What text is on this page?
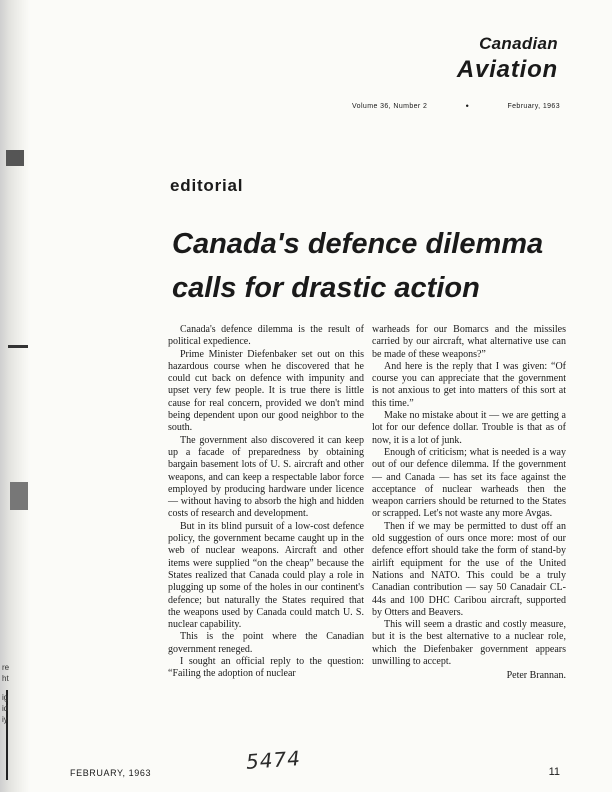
re
ht
ig
id
iy
Canadian
Aviation
Volume 36, Number 2	•	February, 1963
editorial
Canada's defence dilemma
calls for drastic action

Canada's defence dilemma is the result of political expedience.

Prime Minister Diefenbaker set out on this hazardous course when he discovered that he could cut back on defence with impunity and upset very few people. It is true there is little cause for real concern, provided we don't mind being dependent upon our good neighbor to the south.

The government also discovered it can keep up a facade of preparedness by obtaining bargain basement lots of U. S. aircraft and other weapons, and can keep a respectable labor force employed by producing hardware under licence — without having to absorb the high and hidden costs of research and development.

But in its blind pursuit of a low-cost defence policy, the government became caught up in the web of nuclear weapons. Aircraft and other items were supplied “on the cheap” because the States realized that Canada could play a role in plugging up some of the holes in our continent's defence; but naturally the States required that the weapons used by Canada could match U. S. nuclear capability.

This is the point where the Canadian government reneged.

I sought an official reply to the question: “Failing the adoption of nuclear

warheads for our Bomarcs and the missiles carried by our aircraft, what alternative use can be made of these weapons?”

And here is the reply that I was given: “Of course you can appreciate that the government is not anxious to get into matters of this sort at this time.”

Make no mistake about it — we are getting a lot for our defence dollar. Trouble is that as of now, it is a lot of junk.

Enough of criticism; what is needed is a way out of our defence dilemma. If the government — and Canada — has set its face against the acceptance of nuclear warheads then the weapon carriers should be returned to the States or scrapped. Let's not waste any more Avgas.

Then if we may be permitted to dust off an old suggestion of ours once more: most of our defence effort should take the form of stand-by airlift equipment for the use of the United Nations and NATO. This could be a truly Canadian contribution — say 50 Canadair CL-44s and 100 DHC Caribou aircraft, supported by Otters and Beavers.

This will seem a drastic and costly measure, but it is the best alternative to a nuclear role, which the Diefenbaker government appears unwilling to accept.

Peter Brannan.

5474
FEBRUARY, 1963	11
